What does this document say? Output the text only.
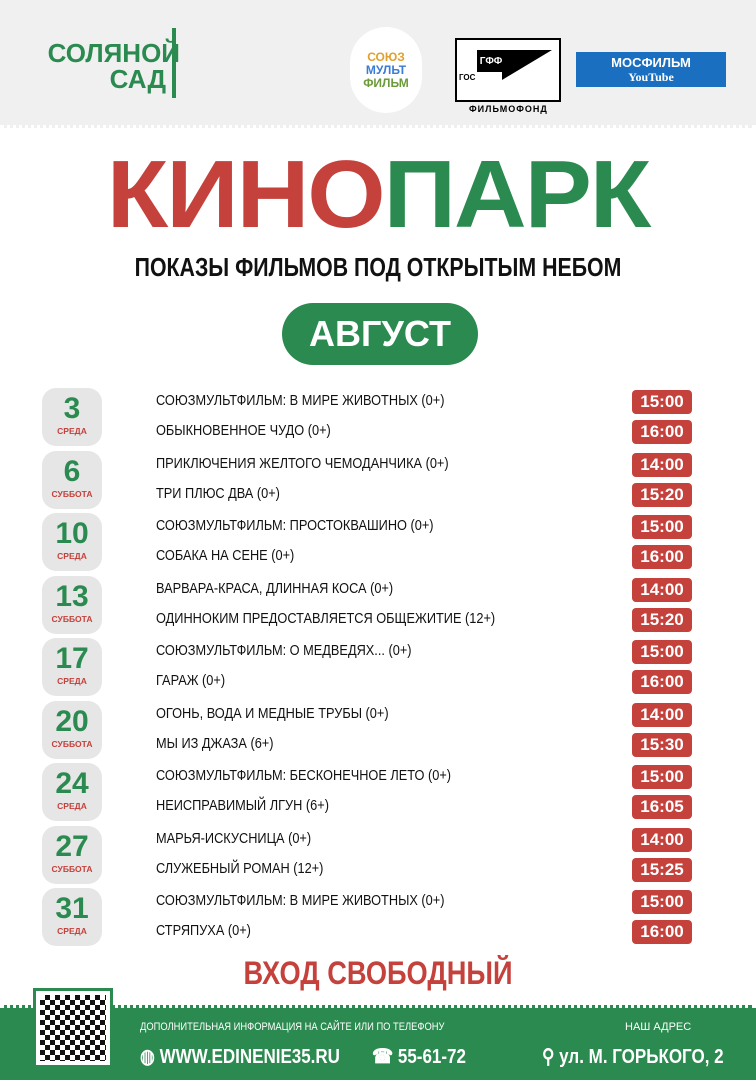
СОЛЯНОЙ
САД
СОЮЗ
МУЛЬТ
ФИЛЬМ
ГФФ
ГОС
ФИЛЬМОФОНД
МОСФИЛЬМ
YouTube
КИНОПАРК
ПОКАЗЫ ФИЛЬМОВ ПОД ОТКРЫТЫМ НЕБОМ
АВГУСТ
3
СРЕДА
СОЮЗМУЛЬТФИЛЬМ: В МИРЕ ЖИВОТНЫХ (0+)	15:00
ОБЫКНОВЕННОЕ ЧУДО (0+)	16:00
6
СУББОТА
ПРИКЛЮЧЕНИЯ ЖЕЛТОГО ЧЕМОДАНЧИКА (0+)	14:00
ТРИ ПЛЮС ДВА (0+)	15:20
10
СРЕДА
СОЮЗМУЛЬТФИЛЬМ: ПРОСТОКВАШИНО (0+)	15:00
СОБАКА НА СЕНЕ (0+)	16:00
13
СУББОТА
ВАРВАРА-КРАСА, ДЛИННАЯ КОСА (0+)	14:00
ОДИННОКИМ ПРЕДОСТАВЛЯЕТСЯ ОБЩЕЖИТИЕ (12+)	15:20
17
СРЕДА
СОЮЗМУЛЬТФИЛЬМ: О МЕДВЕДЯХ... (0+)	15:00
ГАРАЖ (0+)	16:00
20
СУББОТА
ОГОНЬ, ВОДА И МЕДНЫЕ ТРУБЫ (0+)	14:00
МЫ ИЗ ДЖАЗА (6+)	15:30
24
СРЕДА
СОЮЗМУЛЬТФИЛЬМ: БЕСКОНЕЧНОЕ ЛЕТО (0+)	15:00
НЕИСПРАВИМЫЙ ЛГУН (6+)	16:05
27
СУББОТА
МАРЬЯ-ИСКУСНИЦА (0+)	14:00
СЛУЖЕБНЫЙ РОМАН (12+)	15:25
31
СРЕДА
СОЮЗМУЛЬТФИЛЬМ: В МИРЕ ЖИВОТНЫХ (0+)	15:00
СТРЯПУХА (0+)	16:00
ВХОД СВОБОДНЫЙ
ДОПОЛНИТЕЛЬНАЯ ИНФОРМАЦИЯ НА САЙТЕ ИЛИ ПО ТЕЛЕФОНУ	НАШ АДРЕС
◍ WWW.EDINENIE35.RU ☎ 55-61-72	⚲ ул. М. ГОРЬКОГО, 2
